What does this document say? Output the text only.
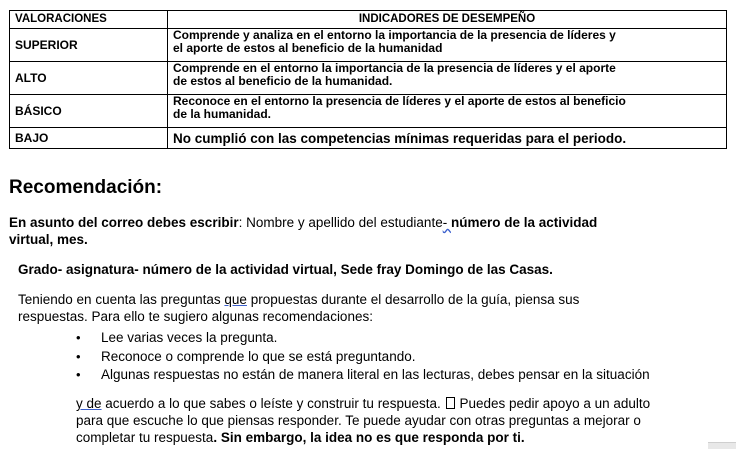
VALORACIONES	INDICADORES DE DESEMPEÑO
SUPERIOR	Comprende y analiza en el entorno la importancia de la presencia de líderes y
el aporte de estos al beneficio de la humanidad
ALTO	Comprende en el entorno la importancia de la presencia de líderes y el aporte
de estos al beneficio de la humanidad.
BÁSICO	Reconoce en el entorno la presencia de líderes y el aporte de estos al beneficio
de la humanidad.
BAJO	No cumplió con las competencias mínimas requeridas para el periodo.
Recomendación:
En asunto del correo debes escribir: Nombre y apellido del estudiante- número de la actividad
virtual, mes.
Grado- asignatura- número de la actividad virtual, Sede fray Domingo de las Casas.
Teniendo en cuenta las preguntas que propuestas durante el desarrollo de la guía, piensa sus
respuestas. Para ello te sugiero algunas recomendaciones:
• Lee varias veces la pregunta.
• Reconoce o comprende lo que se está preguntando.
• Algunas respuestas no están de manera literal en las lecturas, debes pensar en la situación
y de acuerdo a lo que sabes o leíste y construir tu respuesta. Puedes pedir apoyo a un adulto
para que escuche lo que piensas responder. Te puede ayudar con otras preguntas a mejorar o
completar tu respuesta. Sin embargo, la idea no es que responda por ti.
